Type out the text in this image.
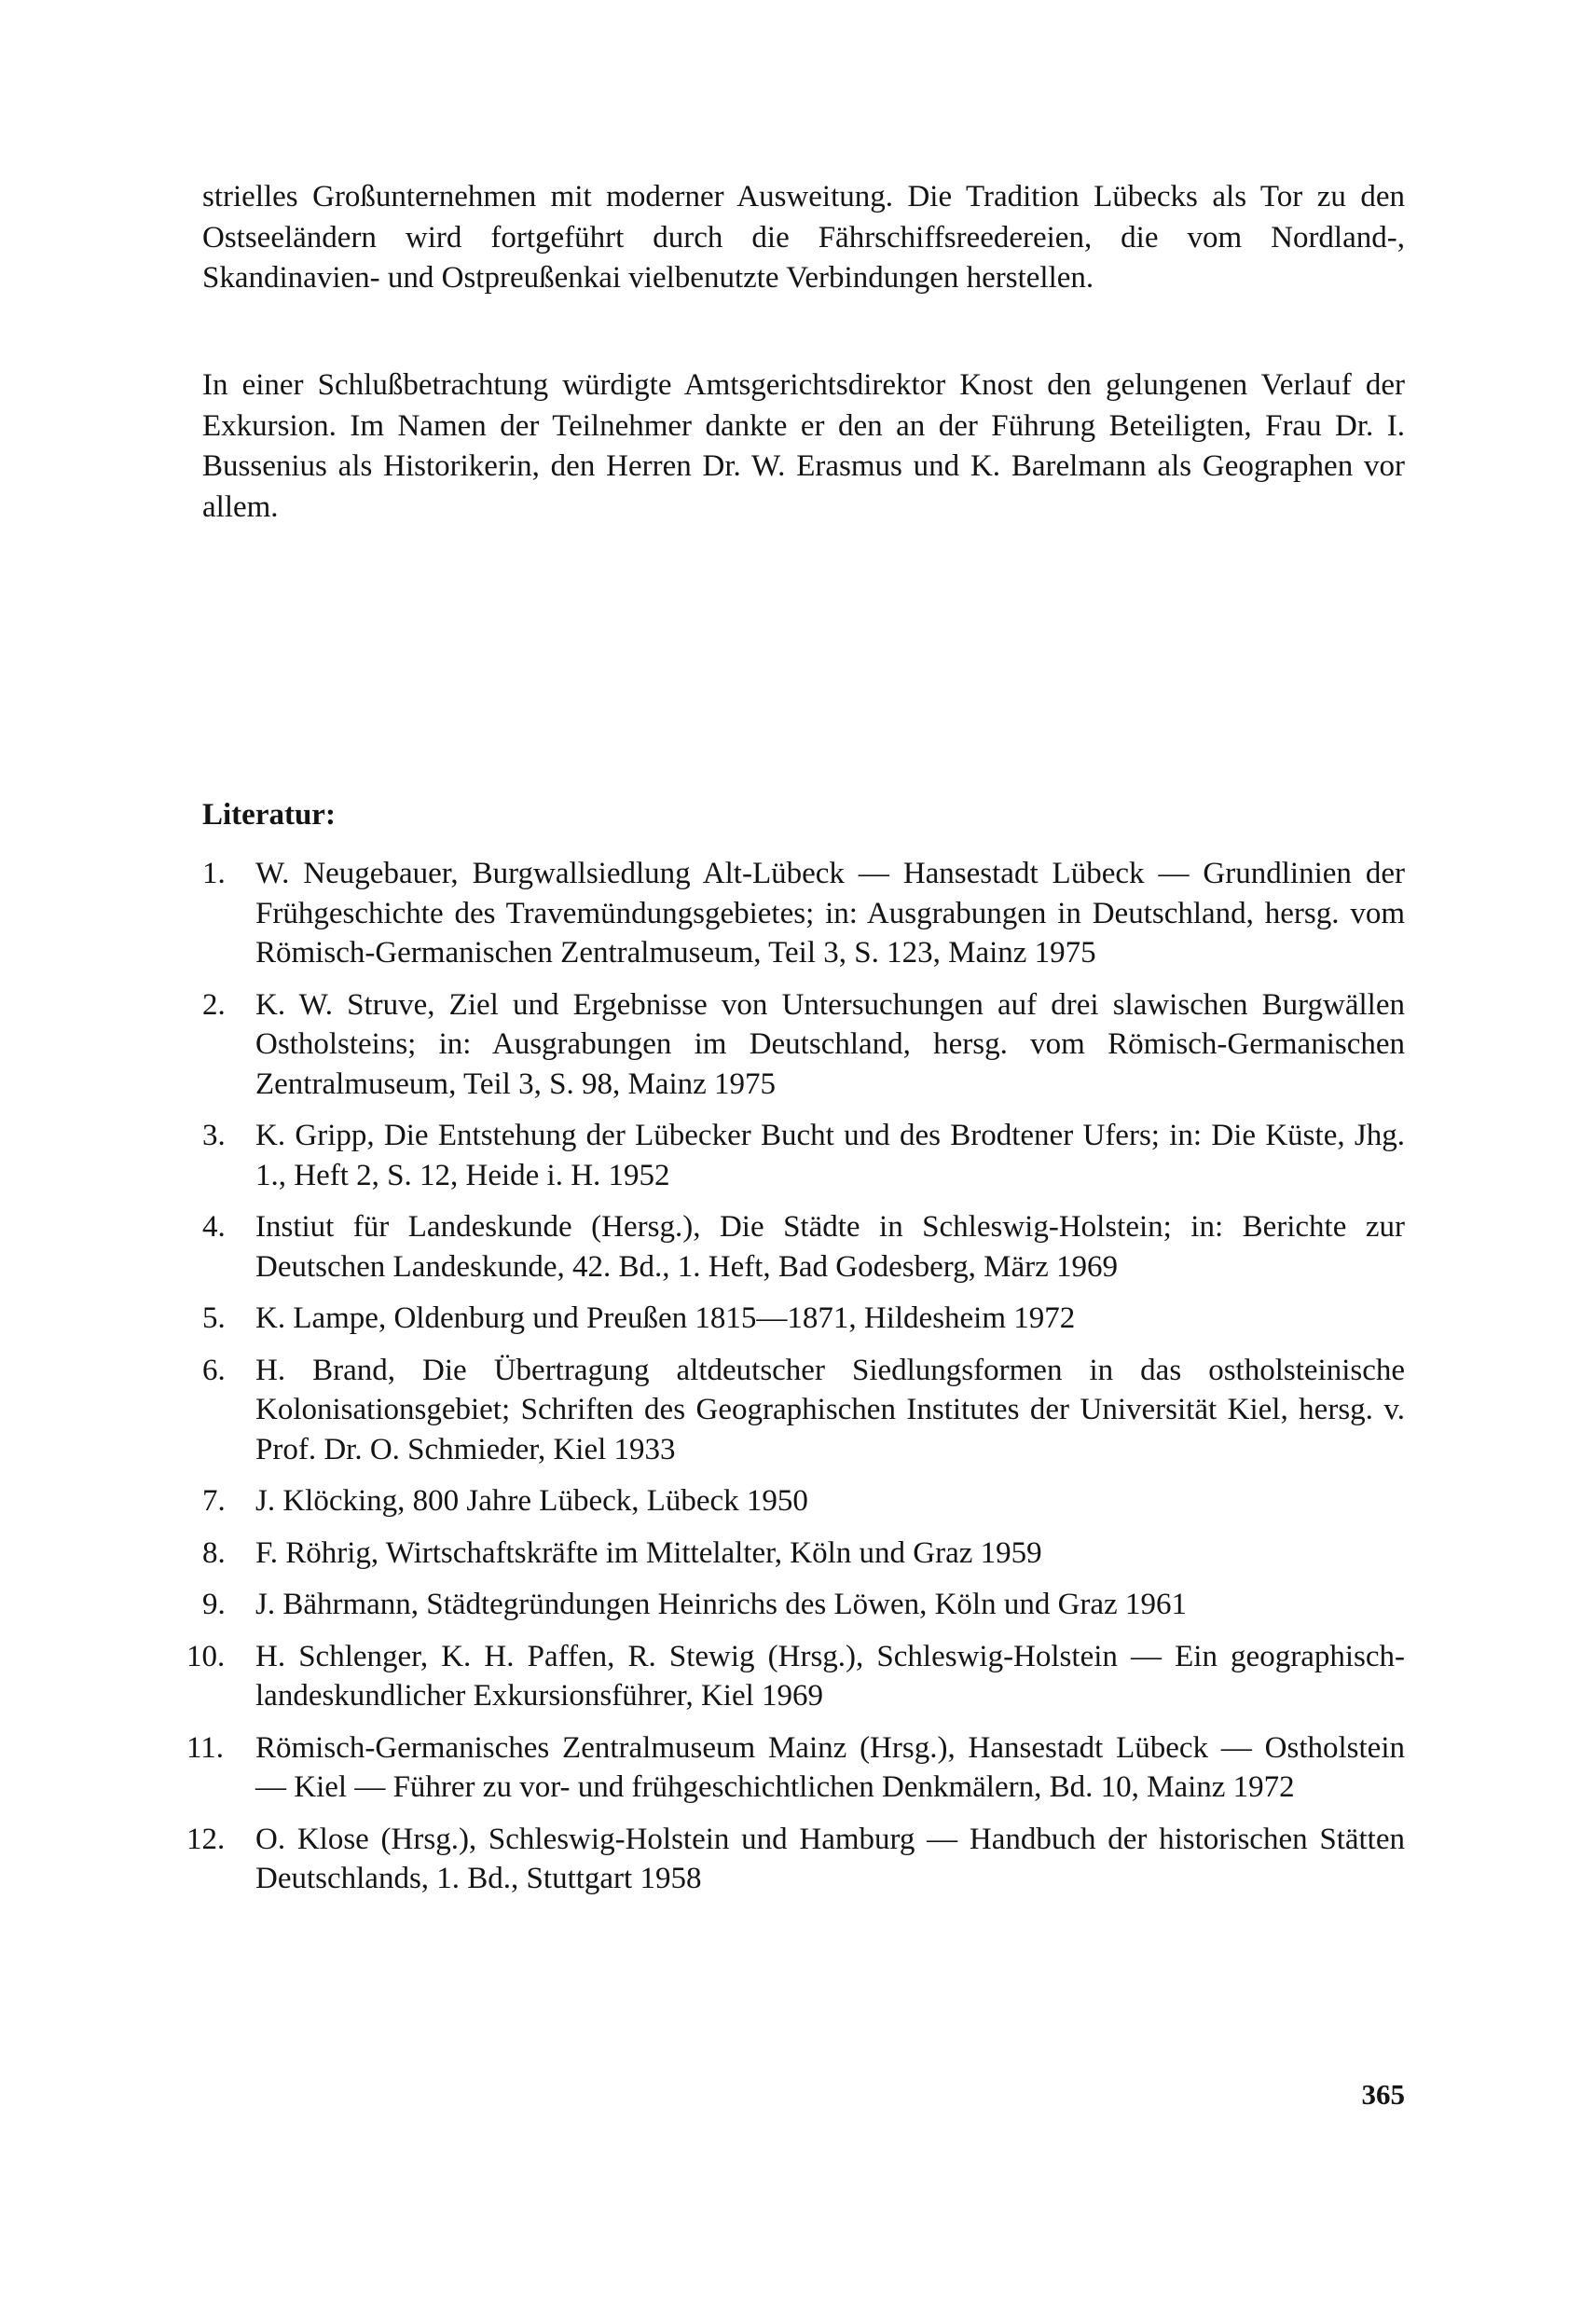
strielles Großunternehmen mit moderner Ausweitung. Die Tradition Lübecks als Tor zu den Ostseeländern wird fortgeführt durch die Fährschiffsreedereien, die vom Nordland-, Skandinavien- und Ostpreußenkai vielbenutzte Verbindungen herstellen.

In einer Schlußbetrachtung würdigte Amtsgerichtsdirektor Knost den gelungenen Verlauf der Exkursion. Im Namen der Teilnehmer dankte er den an der Führung Beteiligten, Frau Dr. I. Bussenius als Historikerin, den Herren Dr. W. Erasmus und K. Barelmann als Geographen vor allem.

Literatur:
1. W. Neugebauer, Burgwallsiedlung Alt-Lübeck — Hansestadt Lübeck — Grundlinien der Frühgeschichte des Travemündungsgebietes; in: Ausgrabungen in Deutschland, hersg. vom Römisch-Germanischen Zentralmuseum, Teil 3, S. 123, Mainz 1975
2. K. W. Struve, Ziel und Ergebnisse von Untersuchungen auf drei slawischen Burgwällen Ostholsteins; in: Ausgrabungen im Deutschland, hersg. vom Römisch-Germanischen Zentralmuseum, Teil 3, S. 98, Mainz 1975
3. K. Gripp, Die Entstehung der Lübecker Bucht und des Brodtener Ufers; in: Die Küste, Jhg. 1., Heft 2, S. 12, Heide i. H. 1952
4. Instiut für Landeskunde (Hersg.), Die Städte in Schleswig-Holstein; in: Berichte zur Deutschen Landeskunde, 42. Bd., 1. Heft, Bad Godesberg, März 1969
5. K. Lampe, Oldenburg und Preußen 1815—1871, Hildesheim 1972
6. H. Brand, Die Übertragung altdeutscher Siedlungsformen in das ostholsteinische Kolonisationsgebiet; Schriften des Geographischen Institutes der Universität Kiel, hersg. v. Prof. Dr. O. Schmieder, Kiel 1933
7. J. Klöcking, 800 Jahre Lübeck, Lübeck 1950
8. F. Röhrig, Wirtschaftskräfte im Mittelalter, Köln und Graz 1959
9. J. Bährmann, Städtegründungen Heinrichs des Löwen, Köln und Graz 1961
10. H. Schlenger, K. H. Paffen, R. Stewig (Hrsg.), Schleswig-Holstein — Ein geographisch-landeskundlicher Exkursionsführer, Kiel 1969
11. Römisch-Germanisches Zentralmuseum Mainz (Hrsg.), Hansestadt Lübeck — Ostholstein — Kiel — Führer zu vor- und frühgeschichtlichen Denkmälern, Bd. 10, Mainz 1972
12. O. Klose (Hrsg.), Schleswig-Holstein und Hamburg — Handbuch der historischen Stätten Deutschlands, 1. Bd., Stuttgart 1958
365
